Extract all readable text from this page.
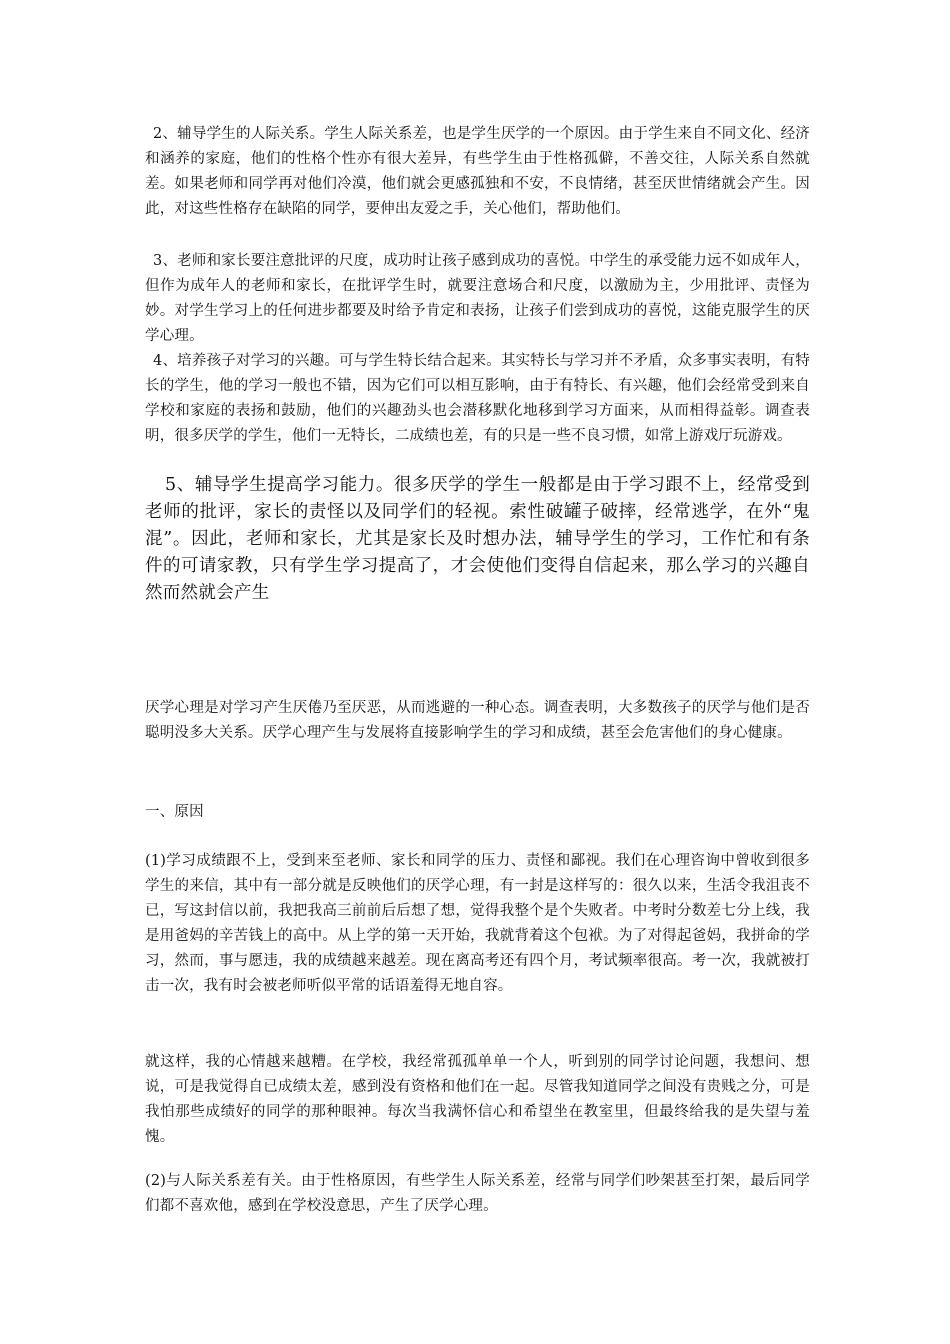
2、辅导学生的人际关系。学生人际关系差，也是学生厌学的一个原因。由于学生来自不同文化、经济和涵养的家庭，他们的性格个性亦有很大差异，有些学生由于性格孤僻，不善交往，人际关系自然就差。如果老师和同学再对他们冷漠，他们就会更感孤独和不安，不良情绪，甚至厌世情绪就会产生。因此，对这些性格存在缺陷的同学，要伸出友爱之手，关心他们，帮助他们。

3、老师和家长要注意批评的尺度，成功时让孩子感到成功的喜悦。中学生的承受能力远不如成年人，但作为成年人的老师和家长，在批评学生时，就要注意场合和尺度，以激励为主，少用批评、责怪为妙。对学生学习上的任何进步都要及时给予肯定和表扬，让孩子们尝到成功的喜悦，这能克服学生的厌学心理。

4、培养孩子对学习的兴趣。可与学生特长结合起来。其实特长与学习并不矛盾，众多事实表明，有特长的学生，他的学习一般也不错，因为它们可以相互影响，由于有特长、有兴趣，他们会经常受到来自学校和家庭的表扬和鼓励，他们的兴趣劲头也会潜移默化地移到学习方面来，从而相得益彰。调查表明，很多厌学的学生，他们一无特长，二成绩也差，有的只是一些不良习惯，如常上游戏厅玩游戏。

5、辅导学生提高学习能力。很多厌学的学生一般都是由于学习跟不上，经常受到老师的批评，家长的责怪以及同学们的轻视。索性破罐子破摔，经常逃学，在外“鬼混”。因此，老师和家长，尤其是家长及时想办法，辅导学生的学习，工作忙和有条件的可请家教，只有学生学习提高了，才会使他们变得自信起来，那么学习的兴趣自然而然就会产生

厌学心理是对学习产生厌倦乃至厌恶，从而逃避的一种心态。调查表明，大多数孩子的厌学与他们是否聪明没多大关系。厌学心理产生与发展将直接影响学生的学习和成绩，甚至会危害他们的身心健康。

一、原因

(1)学习成绩跟不上，受到来至老师、家长和同学的压力、责怪和鄙视。我们在心理咨询中曾收到很多学生的来信，其中有一部分就是反映他们的厌学心理，有一封是这样写的：很久以来，生活令我沮丧不已，写这封信以前，我把我高三前前后后想了想，觉得我整个是个失败者。中考时分数差七分上线，我是用爸妈的辛苦钱上的高中。从上学的第一天开始，我就背着这个包袱。为了对得起爸妈，我拼命的学习，然而，事与愿违，我的成绩越来越差。现在离高考还有四个月，考试频率很高。考一次，我就被打击一次，我有时会被老师听似平常的话语羞得无地自容。

就这样，我的心情越来越糟。在学校，我经常孤孤单单一个人，听到别的同学讨论问题，我想问、想说，可是我觉得自已成绩太差，感到没有资格和他们在一起。尽管我知道同学之间没有贵贱之分，可是我怕那些成绩好的同学的那种眼神。每次当我满怀信心和希望坐在教室里，但最终给我的是失望与羞愧。

(2)与人际关系差有关。由于性格原因，有些学生人际关系差，经常与同学们吵架甚至打架，最后同学们都不喜欢他，感到在学校没意思，产生了厌学心理。
